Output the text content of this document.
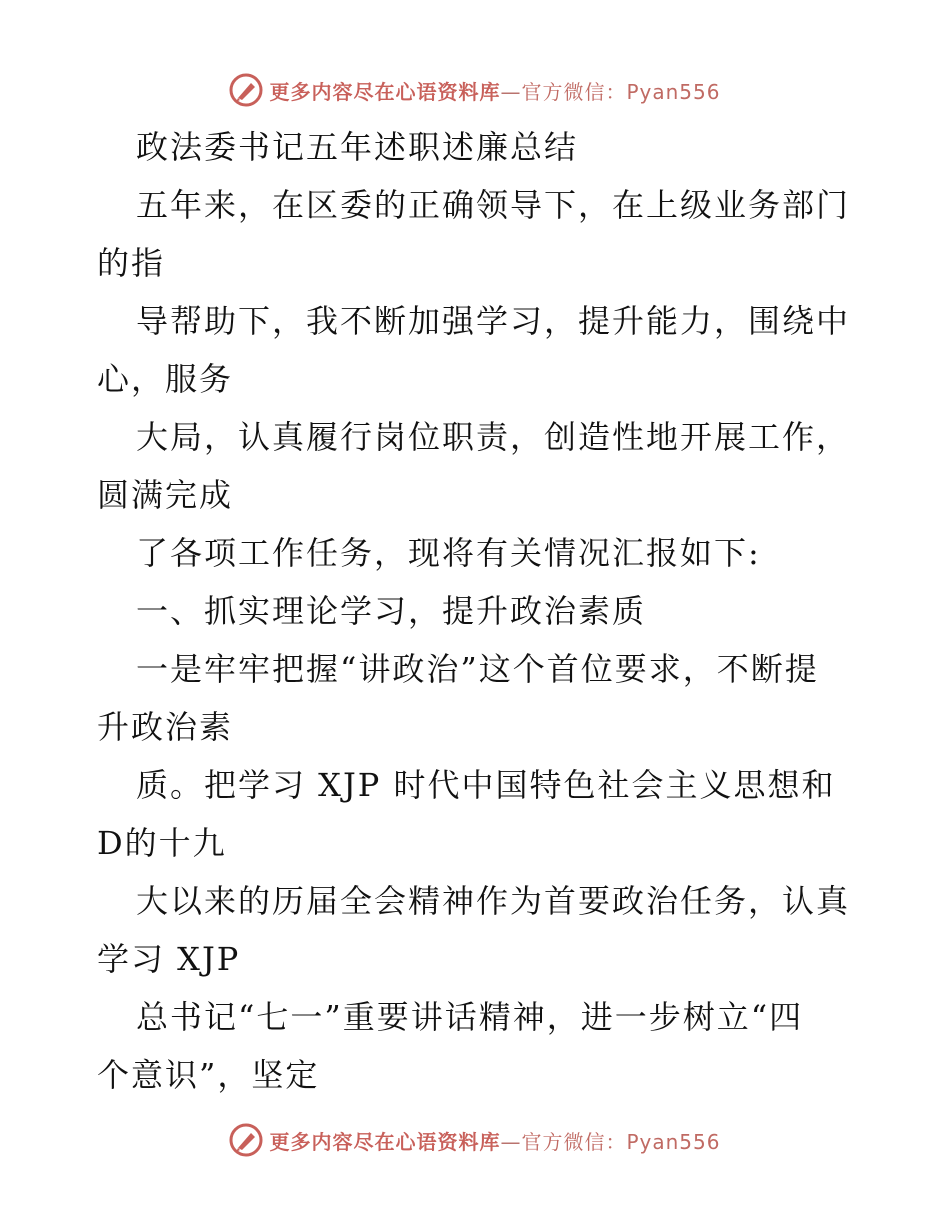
更多内容尽在心语资料库—官方微信：Pyan556

政法委书记五年述职述廉总结

五年来，在区委的正确领导下，在上级业务部门

的指

导帮助下，我不断加强学习，提升能力，围绕中

心，服务

大局，认真履行岗位职责，创造性地开展工作，

圆满完成

了各项工作任务，现将有关情况汇报如下:

一、抓实理论学习，提升政治素质

一是牢牢把握“讲政治”这个首位要求，不断提

升政治素

质。把学习 XJP 时代中国特色社会主义思想和

D的十九

大以来的历届全会精神作为首要政治任务，认真

学习 XJP

总书记“七一”重要讲话精神，进一步树立“四

个意识”，坚定

更多内容尽在心语资料库—官方微信：Pyan556
